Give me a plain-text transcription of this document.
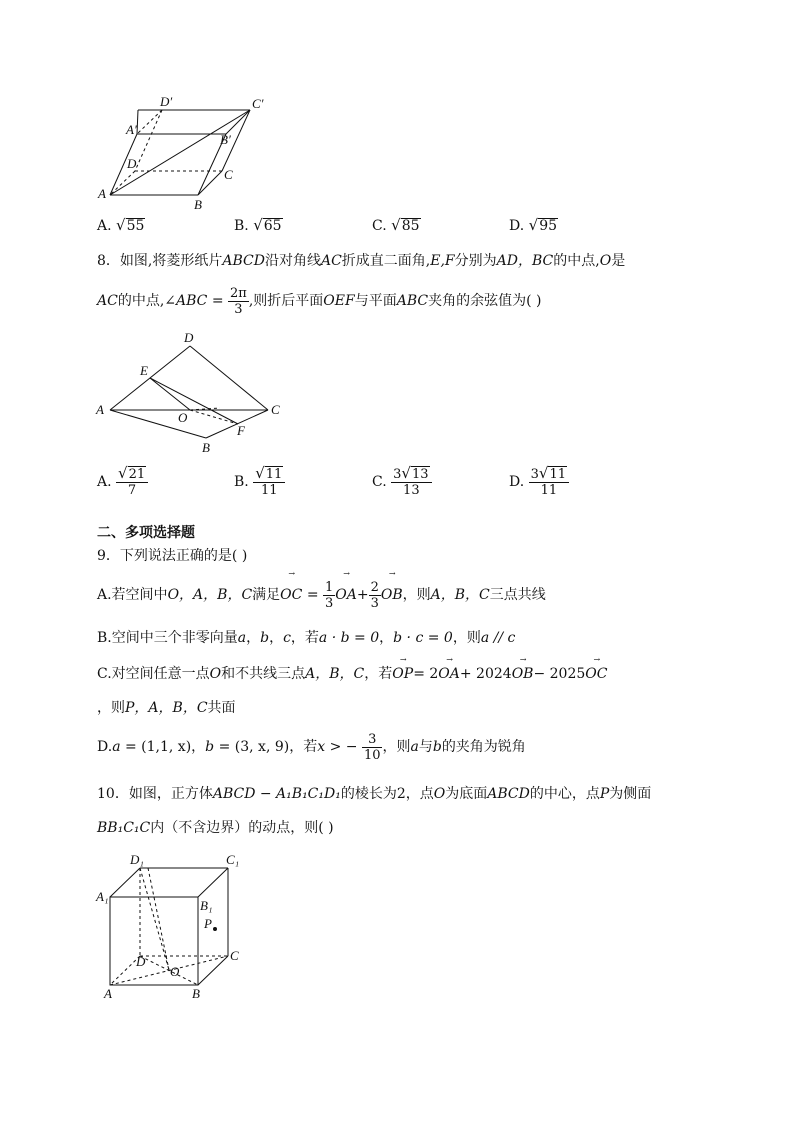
D′	C′
A′
B′
D
C
A
B
A. √55	B. √65	C. √85	D. √95
8．如图,将菱形纸片ABCD沿对角线AC折成直二面角,E,F分别为AD，BC的中点,O是
AC的中点,∠ABC = $\frac{2\pi}{3}$ ,则折后平面OEF与平面ABC夹角的余弦值为( )
D
E
A
O
C
F
B
A. $\frac{√21}{7}$	B. $\frac{√11}{11}$	C. $\frac{3√13}{13}$	D. $\frac{3√11}{11}$
二、多项选择题
9．下列说法正确的是( )
A.若空间中O，A，B，C满足
→
OC = $\frac{1}{3}$
→
$OA+ \frac{2}{3}$
→
OB，则A，B，C三点共线
B.空间中三个非零向量a，b，c，若a · b = 0，b · c = 0，则a // c
C.对空间任意一点O和不共线三点A，B，C，若
→
OP= 2
→
OA+ 2024
→
OB− 2025
→
OC
，则P，A，B，C共面
D.a = (1,1, x)，b = (3, x, 9)，若x > − $\frac{3}{10}$ ，则a与b的夹角为锐角
10．如图，正方体ABCD − A₁B₁C₁D₁的棱长为2，点O为底面ABCD的中心，点P为侧面
BB₁C₁C内（不含边界）的动点，则( )
D₁	C₁
A₁
B₁
P
D
O
C
A	B
